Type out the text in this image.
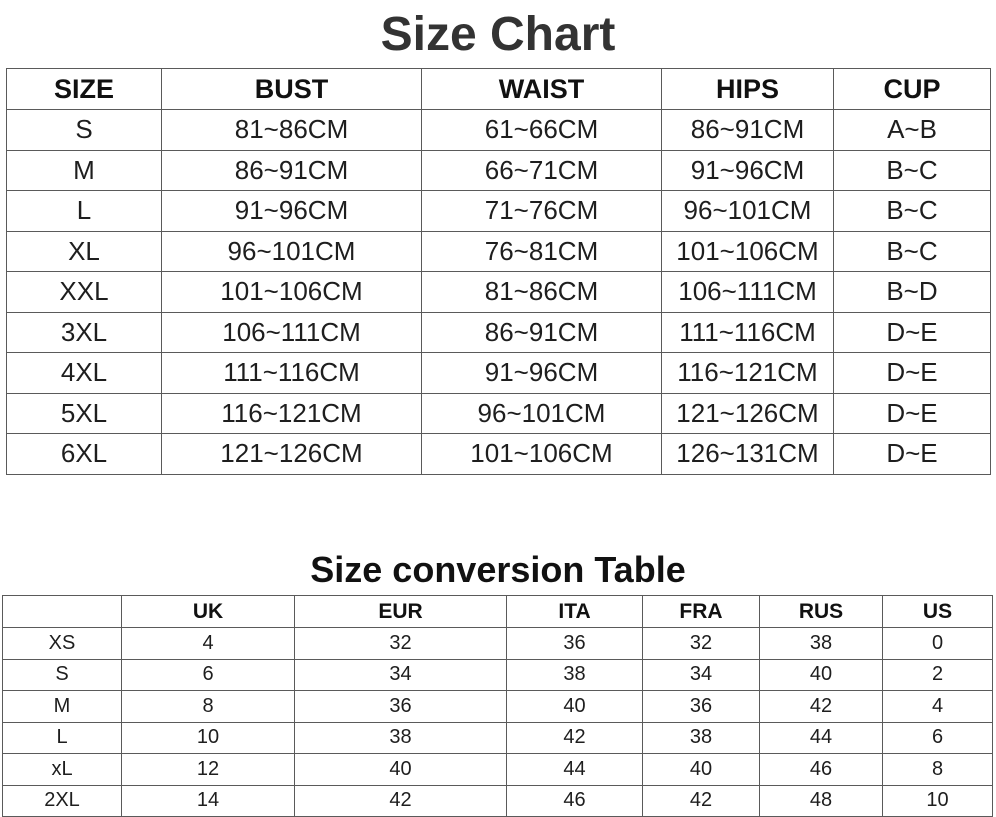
Size Chart
SIZE	BUST	WAIST	HIPS	CUP
S	81~86CM	61~66CM	86~91CM	A~B
M	86~91CM	66~71CM	91~96CM	B~C
L	91~96CM	71~76CM	96~101CM	B~C
XL	96~101CM	76~81CM	101~106CM	B~C
XXL	101~106CM	81~86CM	106~111CM	B~D
3XL	106~111CM	86~91CM	111~116CM	D~E
4XL	111~116CM	91~96CM	116~121CM	D~E
5XL	116~121CM	96~101CM	121~126CM	D~E
6XL	121~126CM	101~106CM	126~131CM	D~E
Size conversion Table
	UK	EUR	ITA	FRA	RUS	US
XS	4	32	36	32	38	0
S	6	34	38	34	40	2
M	8	36	40	36	42	4
L	10	38	42	38	44	6
xL	12	40	44	40	46	8
2XL	14	42	46	42	48	10
